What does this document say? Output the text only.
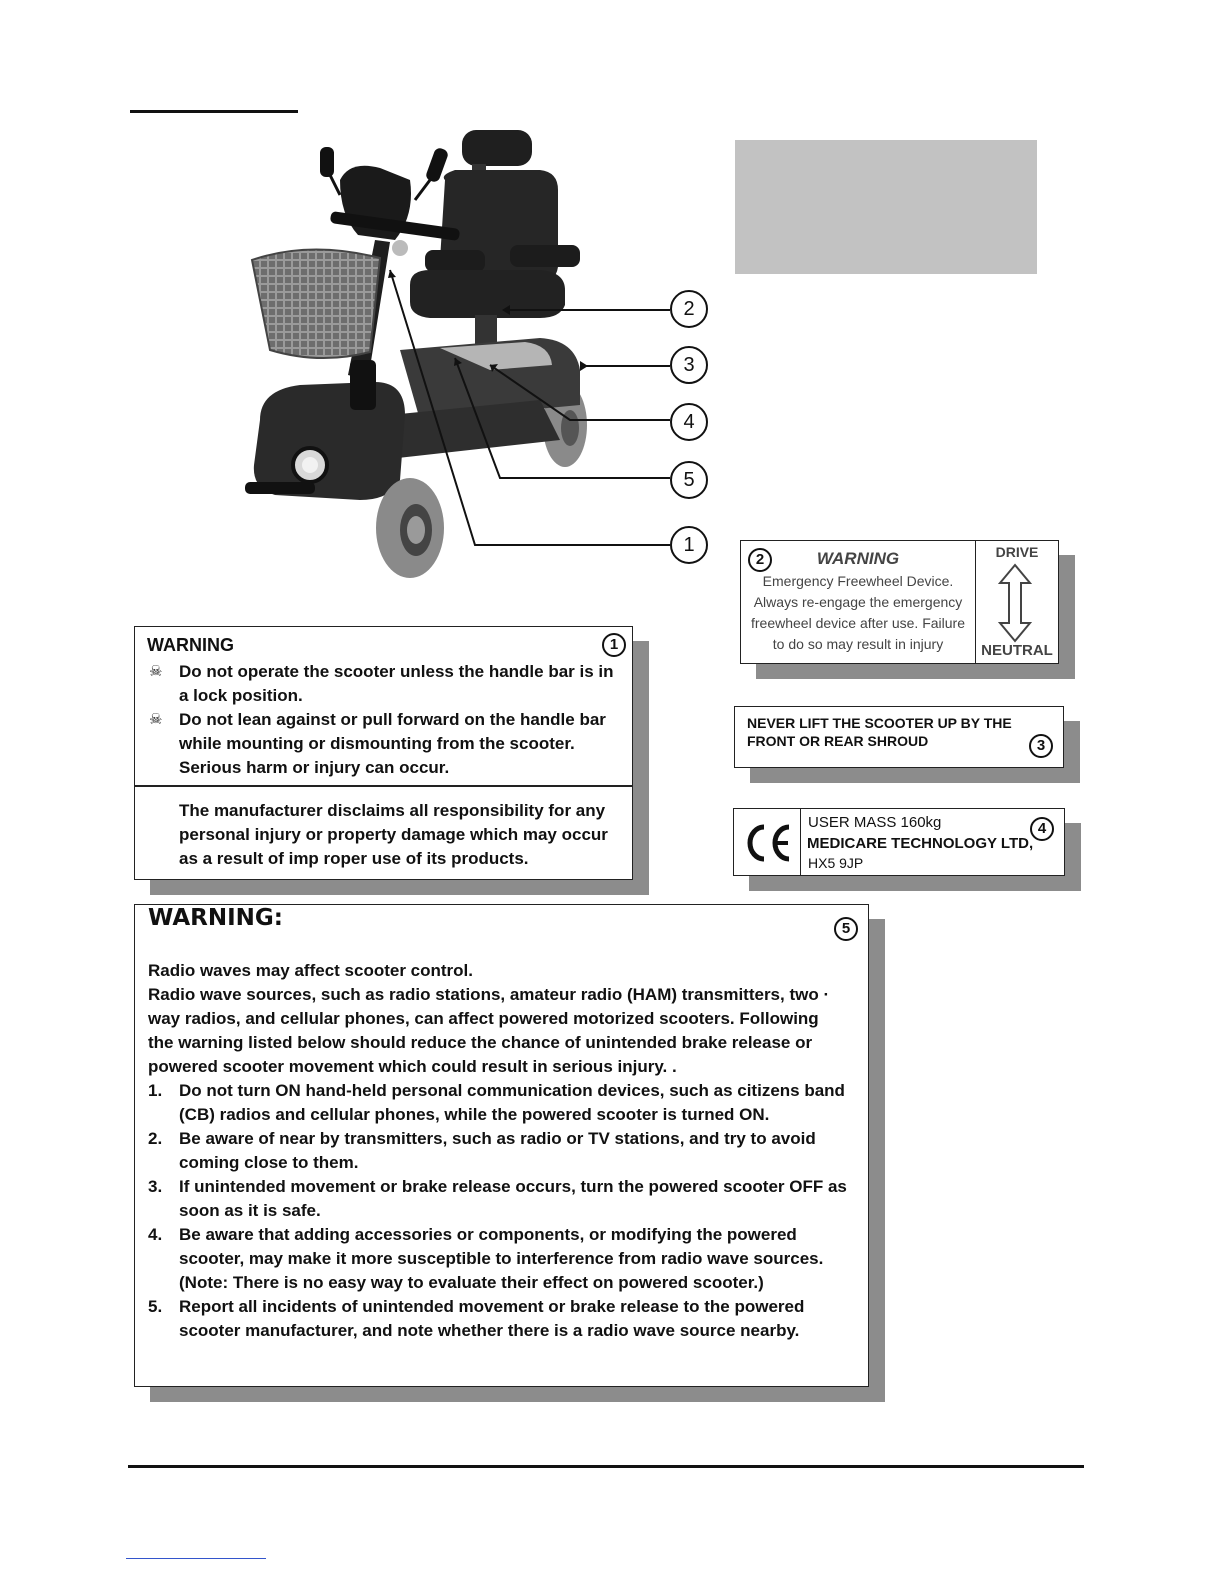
2
3
4
5
1
WARNING	1
☠ Do not operate the scooter unless the handle bar is in a lock position.
☠ Do not lean against or pull forward on the handle bar while mounting or dismounting from the scooter. Serious harm or injury can occur.
The manufacturer disclaims all responsibility for any personal injury or property damage which may occur as a result of imp roper use of its products.
WARNING
2
Emergency Freewheel Device. Always re-engage the emergency freewheel device after use. Failure to do so may result in injury
DRIVE
NEUTRAL
NEVER LIFT THE SCOOTER UP BY THE FRONT OR REAR SHROUD	3
USER MASS 160kg
MEDICARE TECHNOLOGY LTD,
HX5 9JP
4
WARNING:	5

Radio waves may affect scooter control.

Radio wave sources, such as radio stations, amateur radio (HAM) transmitters, two · way radios, and cellular phones, can affect powered motorized scooters. Following the warning listed below should reduce the chance of unintended brake release or powered scooter movement which could result in serious injury. .

1. Do not turn ON hand-held personal communication devices, such as citizens band (CB) radios and cellular phones, while the powered scooter is turned ON.
2. Be aware of near by transmitters, such as radio or TV stations, and try to avoid coming close to them.
3. If unintended movement or brake release occurs, turn the powered scooter OFF as soon as it is safe.
4. Be aware that adding accessories or components, or modifying the powered scooter, may make it more susceptible to interference from radio wave sources. (Note: There is no easy way to evaluate their effect on powered scooter.)
5. Report all incidents of unintended movement or brake release to the powered scooter manufacturer, and note whether there is a radio wave source nearby.
